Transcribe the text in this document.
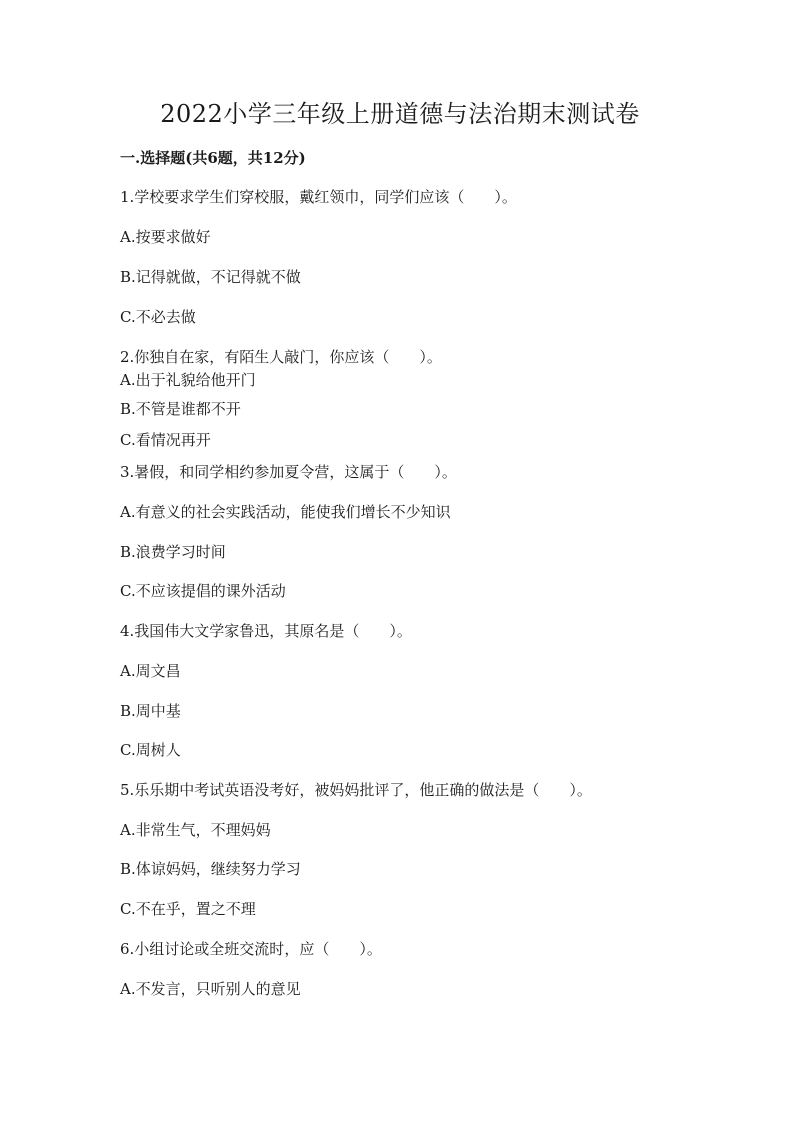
2022小学三年级上册道德与法治期末测试卷
一.选择题(共6题，共12分)
1.学校要求学生们穿校服，戴红领巾，同学们应该（　　）。
A.按要求做好
B.记得就做，不记得就不做
C.不必去做
2.你独自在家，有陌生人敲门，你应该（　　）。
A.出于礼貌给他开门
B.不管是谁都不开
C.看情况再开
3.暑假，和同学相约参加夏令营，这属于（　　）。
A.有意义的社会实践活动，能使我们增长不少知识
B.浪费学习时间
C.不应该提倡的课外活动
4.我国伟大文学家鲁迅，其原名是（　　）。
A.周文昌
B.周中基
C.周树人
5.乐乐期中考试英语没考好，被妈妈批评了，他正确的做法是（　　）。
A.非常生气，不理妈妈
B.体谅妈妈，继续努力学习
C.不在乎，置之不理
6.小组讨论或全班交流时，应（　　）。
A.不发言，只听别人的意见
